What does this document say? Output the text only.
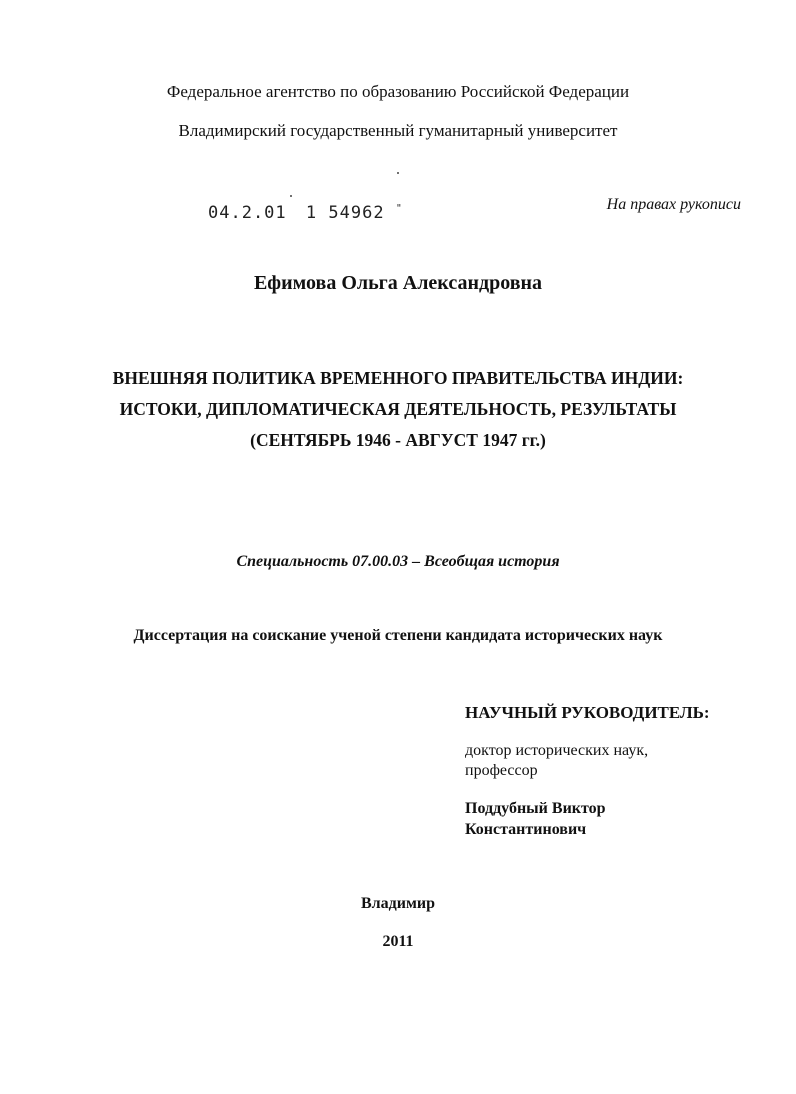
Федеральное агентство по образованию Российской Федерации
Владимирский государственный гуманитарный университет
04.2.01 1 54962 "	На правах рукописи
Ефимова Ольга Александровна
ВНЕШНЯЯ ПОЛИТИКА ВРЕМЕННОГО ПРАВИТЕЛЬСТВА ИНДИИ:
ИСТОКИ, ДИПЛОМАТИЧЕСКАЯ ДЕЯТЕЛЬНОСТЬ, РЕЗУЛЬТАТЫ
(СЕНТЯБРЬ 1946 - АВГУСТ 1947 гг.)
Специальность 07.00.03 – Всеобщая история
Диссертация на соискание ученой степени кандидата исторических наук
НАУЧНЫЙ РУКОВОДИТЕЛЬ:
доктор исторических наук,
профессор
Поддубный Виктор
Константинович
Владимир
2011
